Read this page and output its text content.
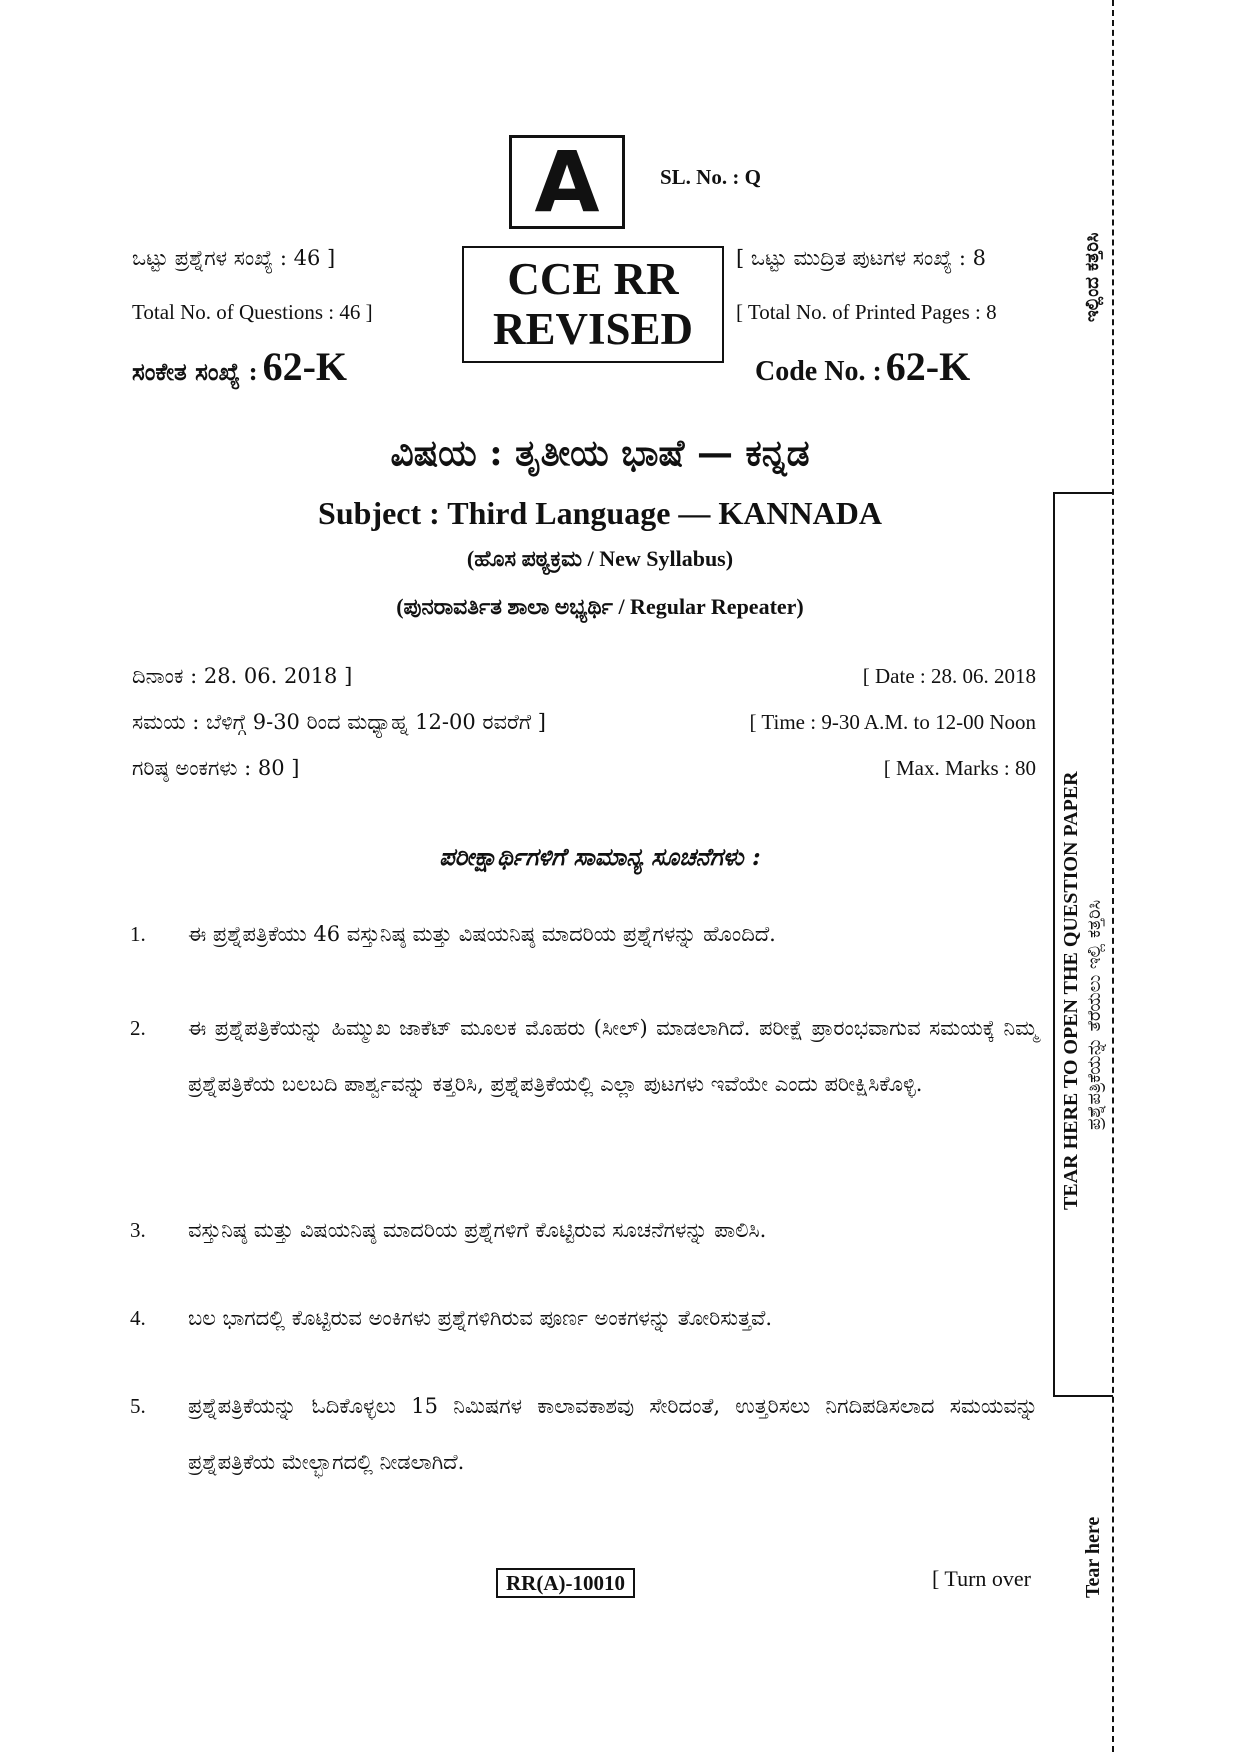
A	SL. No. : Q
ಒಟ್ಟು ಪ್ರಶ್ನೆಗಳ ಸಂಖ್ಯೆ : 46 ]
Total No. of Questions : 46 ]
ಸಂಕೇತ ಸಂಖ್ಯೆ : 62-K
CCE RR
REVISED
[ ಒಟ್ಟು ಮುದ್ರಿತ ಪುಟಗಳ ಸಂಖ್ಯೆ : 8
[ Total No. of Printed Pages : 8
Code No. : 62-K
ವಿಷಯ : ತೃತೀಯ ಭಾಷೆ — ಕನ್ನಡ
Subject : Third Language — KANNADA
(ಹೊಸ ಪಠ್ಯಕ್ರಮ / New Syllabus)
(ಪುನರಾವರ್ತಿತ ಶಾಲಾ ಅಭ್ಯರ್ಥಿ / Regular Repeater)
ದಿನಾಂಕ : 28. 06. 2018 ]	[ Date : 28. 06. 2018
ಸಮಯ : ಬೆಳಿಗ್ಗೆ 9-30 ರಿಂದ ಮಧ್ಯಾಹ್ನ 12-00 ರವರೆಗೆ ]	[ Time : 9-30 A.M. to 12-00 Noon
ಗರಿಷ್ಠ ಅಂಕಗಳು : 80 ]	[ Max. Marks : 80
ಪರೀಕ್ಷಾರ್ಥಿಗಳಿಗೆ ಸಾಮಾನ್ಯ ಸೂಚನೆಗಳು :
1.	ಈ ಪ್ರಶ್ನೆಪತ್ರಿಕೆಯು 46 ವಸ್ತುನಿಷ್ಠ ಮತ್ತು ವಿಷಯನಿಷ್ಠ ಮಾದರಿಯ ಪ್ರಶ್ನೆಗಳನ್ನು ಹೊಂದಿದೆ.
2.	ಈ ಪ್ರಶ್ನೆಪತ್ರಿಕೆಯನ್ನು ಹಿಮ್ಮುಖ ಜಾಕೆಟ್ ಮೂಲಕ ಮೊಹರು (ಸೀಲ್) ಮಾಡಲಾಗಿದೆ. ಪರೀಕ್ಷೆ ಪ್ರಾರಂಭವಾಗುವ ಸಮಯಕ್ಕೆ ನಿಮ್ಮ ಪ್ರಶ್ನೆಪತ್ರಿಕೆಯ ಬಲಬದಿ ಪಾರ್ಶ್ವವನ್ನು ಕತ್ತರಿಸಿ, ಪ್ರಶ್ನೆಪತ್ರಿಕೆಯಲ್ಲಿ ಎಲ್ಲಾ ಪುಟಗಳು ಇವೆಯೇ ಎಂದು ಪರೀಕ್ಷಿಸಿಕೊಳ್ಳಿ.
3.	ವಸ್ತುನಿಷ್ಠ ಮತ್ತು ವಿಷಯನಿಷ್ಠ ಮಾದರಿಯ ಪ್ರಶ್ನೆಗಳಿಗೆ ಕೊಟ್ಟಿರುವ ಸೂಚನೆಗಳನ್ನು ಪಾಲಿಸಿ.
4.	ಬಲ ಭಾಗದಲ್ಲಿ ಕೊಟ್ಟಿರುವ ಅಂಕಿಗಳು ಪ್ರಶ್ನೆಗಳಿಗಿರುವ ಪೂರ್ಣ ಅಂಕಗಳನ್ನು ತೋರಿಸುತ್ತವೆ.
5.	ಪ್ರಶ್ನೆಪತ್ರಿಕೆಯನ್ನು ಓದಿಕೊಳ್ಳಲು 15 ನಿಮಿಷಗಳ ಕಾಲಾವಕಾಶವು ಸೇರಿದಂತೆ, ಉತ್ತರಿಸಲು ನಿಗದಿಪಡಿಸಲಾದ ಸಮಯವನ್ನು ಪ್ರಶ್ನೆಪತ್ರಿಕೆಯ ಮೇಲ್ಭಾಗದಲ್ಲಿ ನೀಡಲಾಗಿದೆ.
RR(A)-10010	[ Turn over
ಇಲ್ಲಿಂದ ಕತ್ತರಿಸಿ
TEAR HERE TO OPEN THE QUESTION PAPER ಪ್ರಶ್ನೆಪತ್ರಿಕೆಯನ್ನು ತೆರೆಯಲು ಇಲ್ಲಿ ಕತ್ತರಿಸಿ
Tear here
